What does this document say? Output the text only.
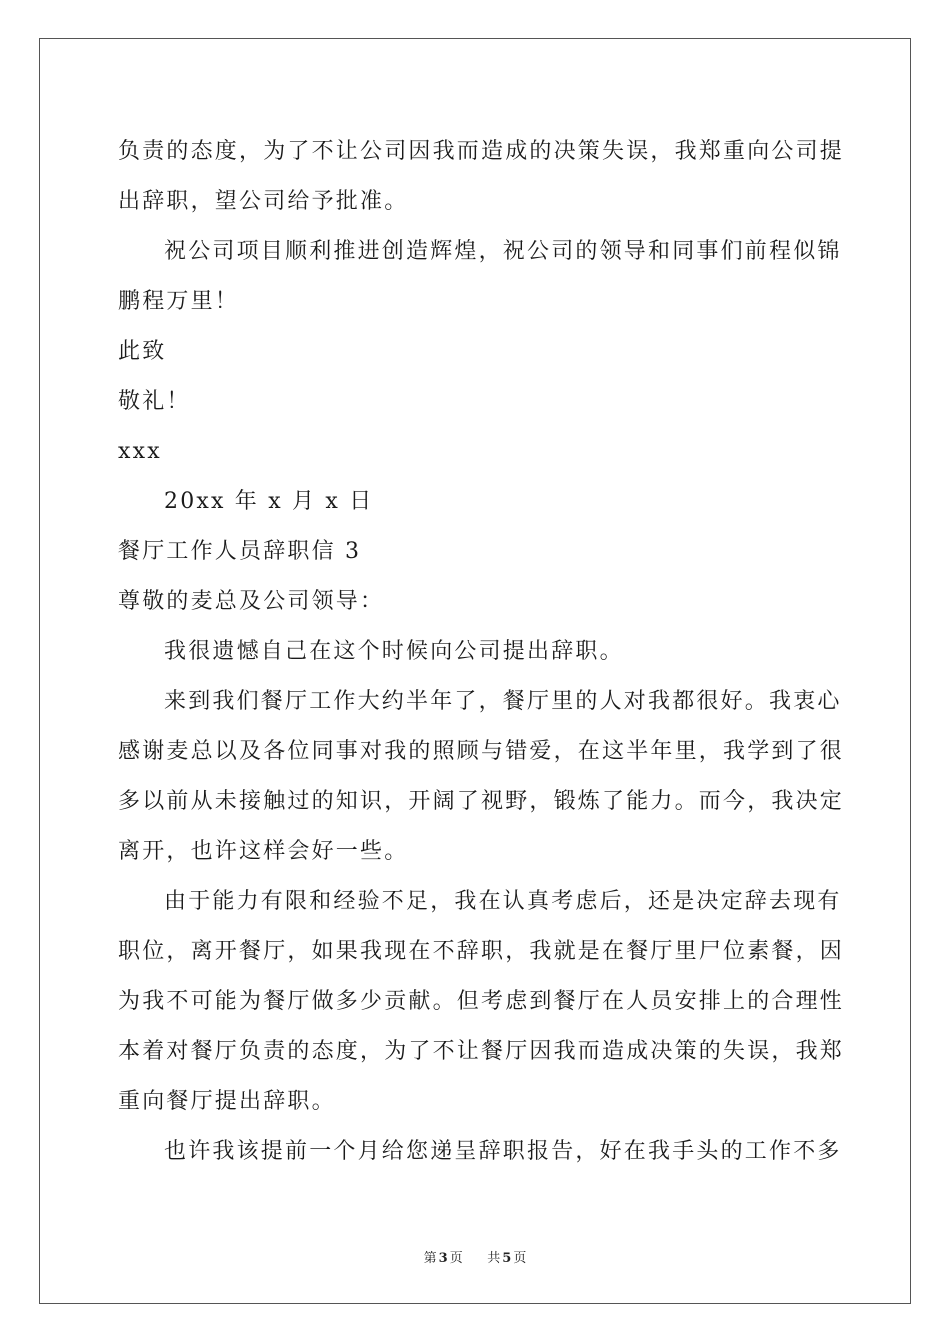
负责的态度，为了不让公司因我而造成的决策失误，我郑重向公司提
出辞职，望公司给予批准。
祝公司项目顺利推进创造辉煌，祝公司的领导和同事们前程似锦
鹏程万里！
此致
敬礼！
xxx
20xx 年 x 月 x 日
餐厅工作人员辞职信 3
尊敬的麦总及公司领导：
我很遗憾自己在这个时候向公司提出辞职。
来到我们餐厅工作大约半年了，餐厅里的人对我都很好。我衷心
感谢麦总以及各位同事对我的照顾与错爱，在这半年里，我学到了很
多以前从未接触过的知识，开阔了视野，锻炼了能力。而今，我决定
离开，也许这样会好一些。
由于能力有限和经验不足，我在认真考虑后，还是决定辞去现有
职位，离开餐厅，如果我现在不辞职，我就是在餐厅里尸位素餐，因
为我不可能为餐厅做多少贡献。但考虑到餐厅在人员安排上的合理性
本着对餐厅负责的态度，为了不让餐厅因我而造成决策的失误，我郑
重向餐厅提出辞职。
也许我该提前一个月给您递呈辞职报告，好在我手头的工作不多
第 3 页 共 5 页
